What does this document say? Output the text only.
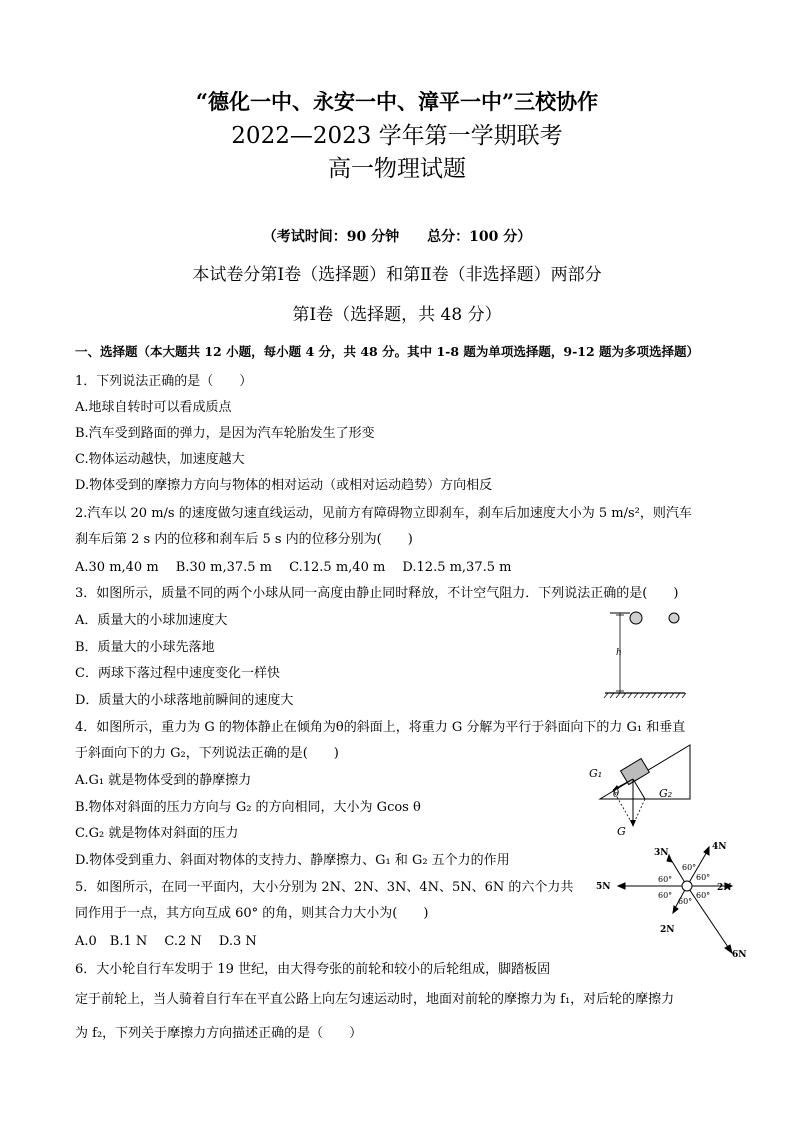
“德化一中、永安一中、漳平一中”三校协作
2022—2023 学年第一学期联考
高一物理试题
（考试时间：90 分钟　　总分：100 分）
本试卷分第Ⅰ卷（选择题）和第Ⅱ卷（非选择题）两部分
第Ⅰ卷（选择题，共 48 分）
一、选择题（本大题共 12 小题，每小题 4 分，共 48 分。其中 1-8 题为单项选择题，9-12 题为多项选择题）
1．下列说法正确的是（　　）
A.地球自转时可以看成质点
B.汽车受到路面的弹力，是因为汽车轮胎发生了形变
C.物体运动越快，加速度越大
D.物体受到的摩擦力方向与物体的相对运动（或相对运动趋势）方向相反
2.汽车以 20 m/s 的速度做匀速直线运动，见前方有障碍物立即刹车，刹车后加速度大小为 5 m/s²，则汽车
刹车后第 2 s 内的位移和刹车后 5 s 内的位移分别为(　　)
A.30 m,40 m　 B.30 m,37.5 m　 C.12.5 m,40 m　 D.12.5 m,37.5 m
3．如图所示，质量不同的两个小球从同一高度由静止同时释放，不计空气阻力．下列说法正确的是(　　)
A．质量大的小球加速度大
B．质量大的小球先落地
C．两球下落过程中速度变化一样快
D．质量大的小球落地前瞬间的速度大
h
4．如图所示，重力为 G 的物体静止在倾角为θ的斜面上，将重力 G 分解为平行于斜面向下的力 G₁ 和垂直
于斜面向下的力 G₂，下列说法正确的是(　　)
A.G₁ 就是物体受到的静摩擦力
B.物体对斜面的压力方向与 G₂ 的方向相同，大小为 Gcos θ
C.G₂ 就是物体对斜面的压力
D.物体受到重力、斜面对物体的支持力、静摩擦力、G₁ 和 G₂ 五个力的作用
G₁
G₂
G
θ
5．如图所示，在同一平面内，大小分别为 2N、2N、3N、4N、5N、6N 的六个力共
同作用于一点，其方向互成 60° 的角，则其合力大小为(　　)
A.0　B.1 N　 C.2 N　 D.3 N
3N
4N
5N	2N
2N
6N
60°
60°	60°
60°
60°
60°
6．大小轮自行车发明于 19 世纪，由大得夸张的前轮和较小的后轮组成，脚踏板固
定于前轮上，当人骑着自行车在平直公路上向左匀速运动时，地面对前轮的摩擦力为 f₁，对后轮的摩擦力
为 f₂，下列关于摩擦力方向描述正确的是（　　）
